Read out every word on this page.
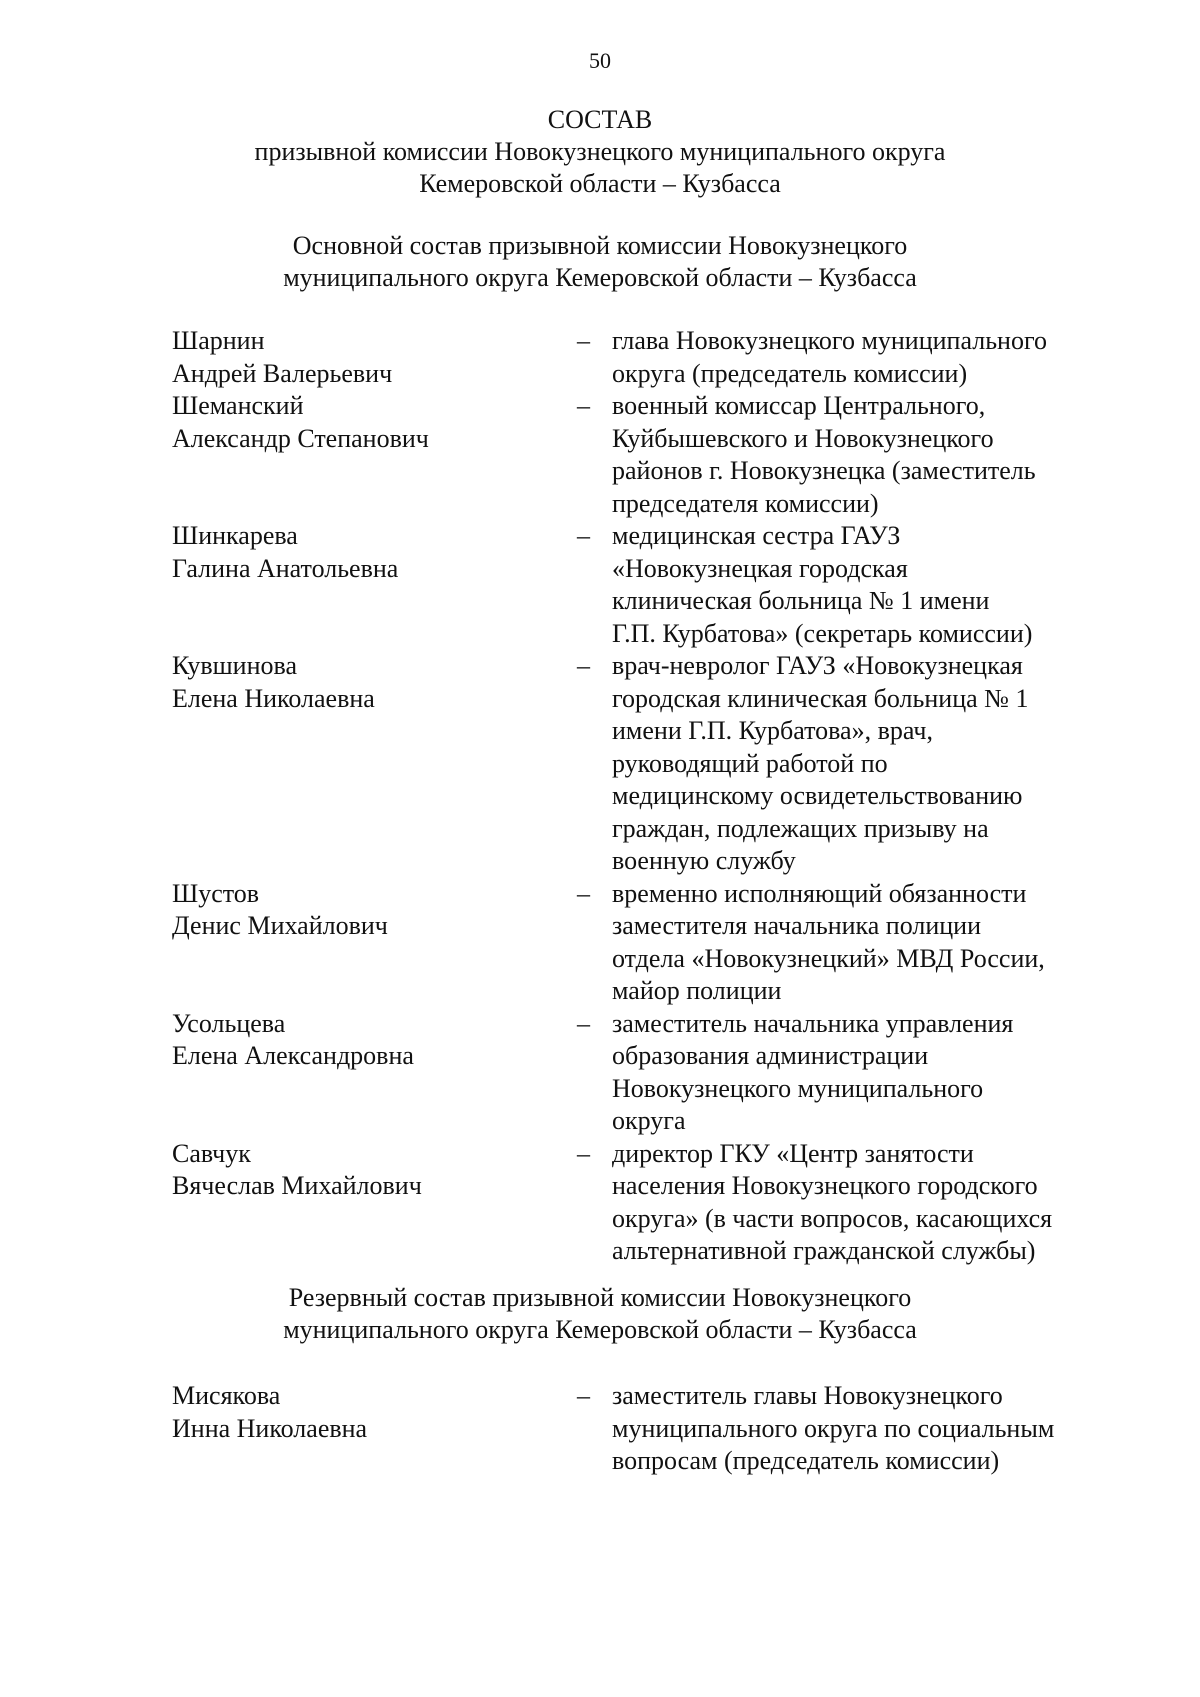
50
СОСТАВ
призывной комиссии Новокузнецкого муниципального округа
Кемеровской области – Кузбасса
Основной состав призывной комиссии Новокузнецкого
муниципального округа Кемеровской области – Кузбасса
Шарнин
Андрей Валерьевич
– глава Новокузнецкого муниципального
округа (председатель комиссии)
Шеманский
Александр Степанович
– военный комиссар Центрального,
Куйбышевского и Новокузнецкого
районов г. Новокузнецка (заместитель
председателя комиссии)
Шинкарева
Галина Анатольевна
– медицинская сестра ГАУЗ
«Новокузнецкая городская
клиническая больница № 1 имени
Г.П. Курбатова» (секретарь комиссии)
Кувшинова
Елена Николаевна
– врач-невролог ГАУЗ «Новокузнецкая
городская клиническая больница № 1
имени Г.П. Курбатова», врач,
руководящий работой по
медицинскому освидетельствованию
граждан, подлежащих призыву на
военную службу
Шустов
Денис Михайлович
– временно исполняющий обязанности
заместителя начальника полиции
отдела «Новокузнецкий» МВД России,
майор полиции
Усольцева
Елена Александровна
– заместитель начальника управления
образования администрации
Новокузнецкого муниципального
округа
Савчук
Вячеслав Михайлович
– директор ГКУ «Центр занятости
населения Новокузнецкого городского
округа» (в части вопросов, касающихся
альтернативной гражданской службы)
Резервный состав призывной комиссии Новокузнецкого
муниципального округа Кемеровской области – Кузбасса
Мисякова
Инна Николаевна
– заместитель главы Новокузнецкого
муниципального округа по социальным
вопросам (председатель комиссии)
